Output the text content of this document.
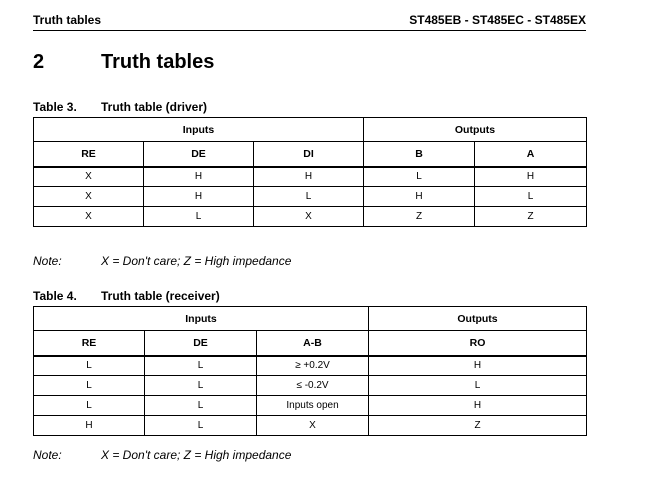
Truth tables	ST485EB - ST485EC - ST485EX
2	Truth tables
Table 3. Truth table (driver)
Inputs			Outputs	
RE	DE	DI	B	A
X	H	H	L	H
X	H	L	H	L
X	L	X	Z	Z
Note:	X = Don't care; Z = High impedance
Table 4. Truth table (receiver)
Inputs			Outputs
RE	DE	A-B	RO
L	L	≥ +0.2V	H
L	L	≤ -0.2V	L
L	L	Inputs open	H
H	L	X	Z
Note:	X = Don't care; Z = High impedance
